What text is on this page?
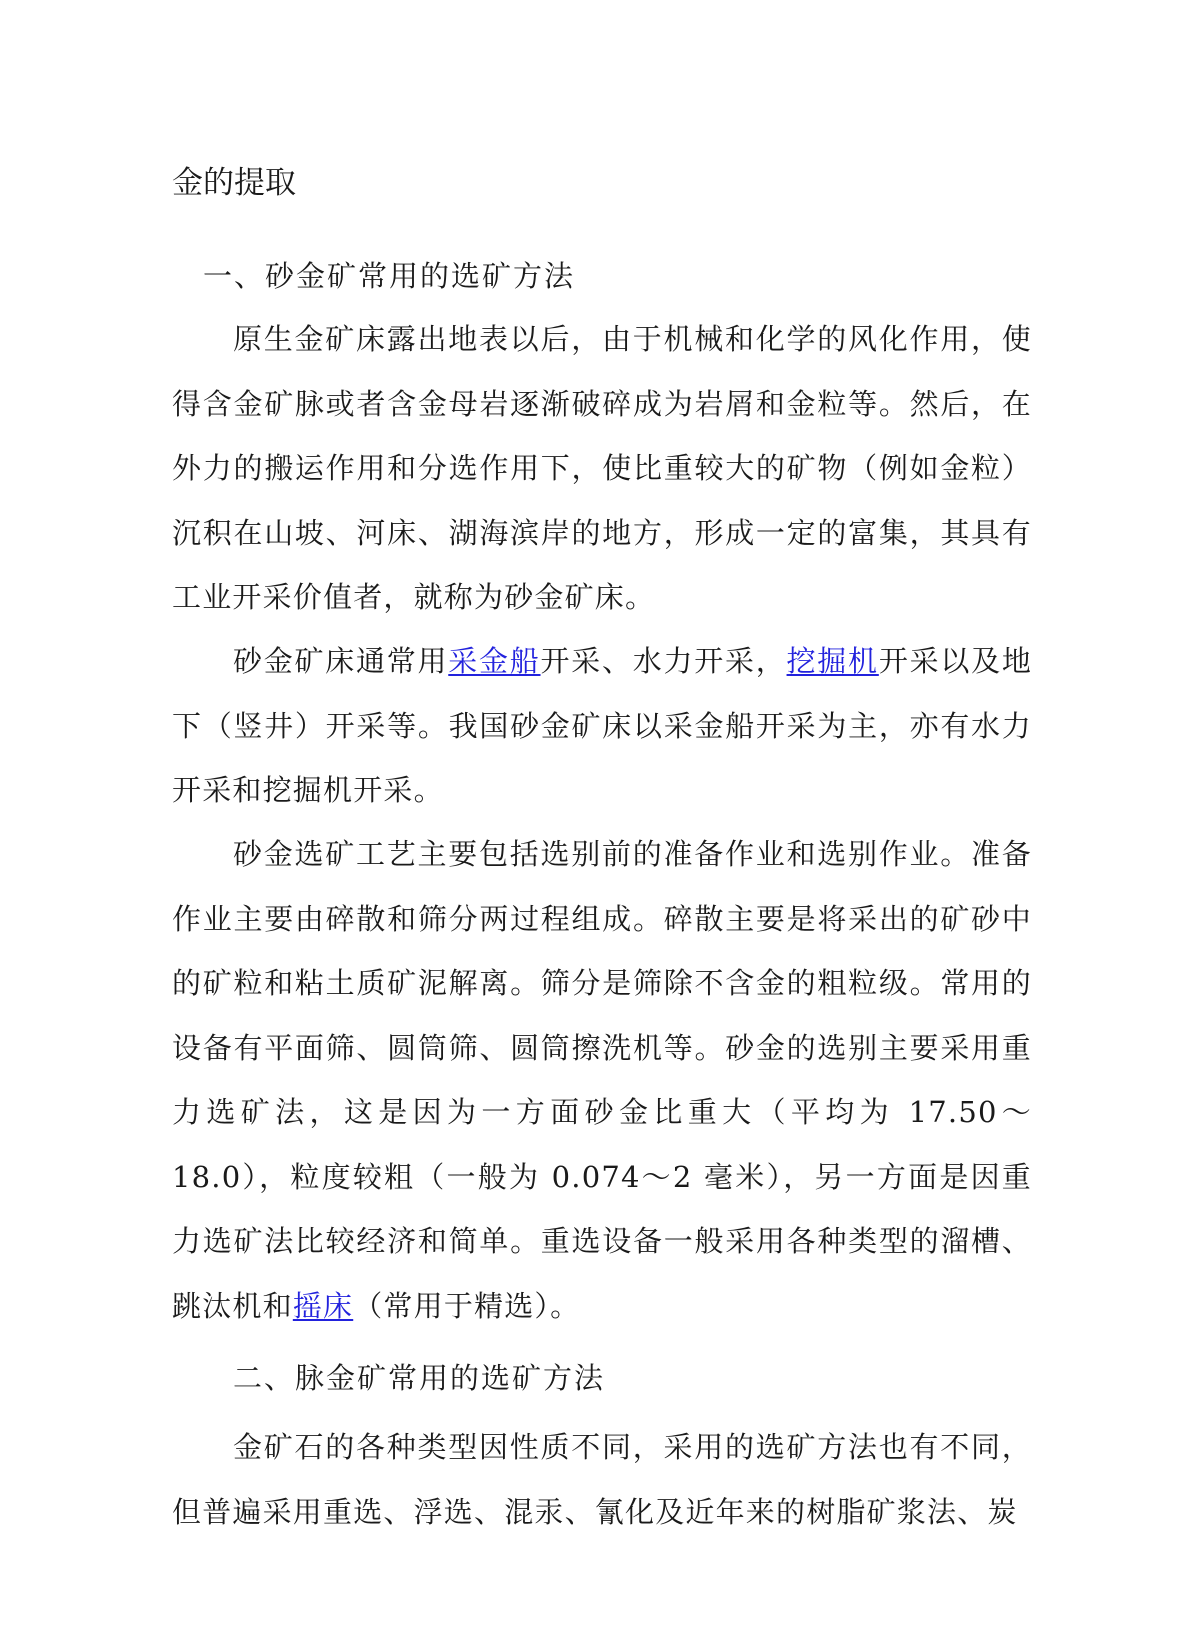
金的提取
一、砂金矿常用的选矿方法

原生金矿床露出地表以后，由于机械和化学的风化作用，使得含金矿脉或者含金母岩逐渐破碎成为岩屑和金粒等。然后，在外力的搬运作用和分选作用下，使比重较大的矿物（例如金粒）沉积在山坡、河床、湖海滨岸的地方，形成一定的富集，其具有工业开采价值者，就称为砂金矿床。

砂金矿床通常用采金船开采、水力开采，挖掘机开采以及地下（竖井）开采等。我国砂金矿床以采金船开采为主，亦有水力开采和挖掘机开采。

砂金选矿工艺主要包括选别前的准备作业和选别作业。准备作业主要由碎散和筛分两过程组成。碎散主要是将采出的矿砂中的矿粒和粘土质矿泥解离。筛分是筛除不含金的粗粒级。常用的设备有平面筛、圆筒筛、圆筒擦洗机等。砂金的选别主要采用重力选矿法，这是因为一方面砂金比重大（平均为 17.50～18.0），粒度较粗（一般为 0.074～2 毫米），另一方面是因重力选矿法比较经济和简单。重选设备一般采用各种类型的溜槽、跳汰机和摇床（常用于精选）。

二、脉金矿常用的选矿方法

金矿石的各种类型因性质不同，采用的选矿方法也有不同，但普遍采用重选、浮选、混汞、氰化及近年来的树脂矿浆法、炭
